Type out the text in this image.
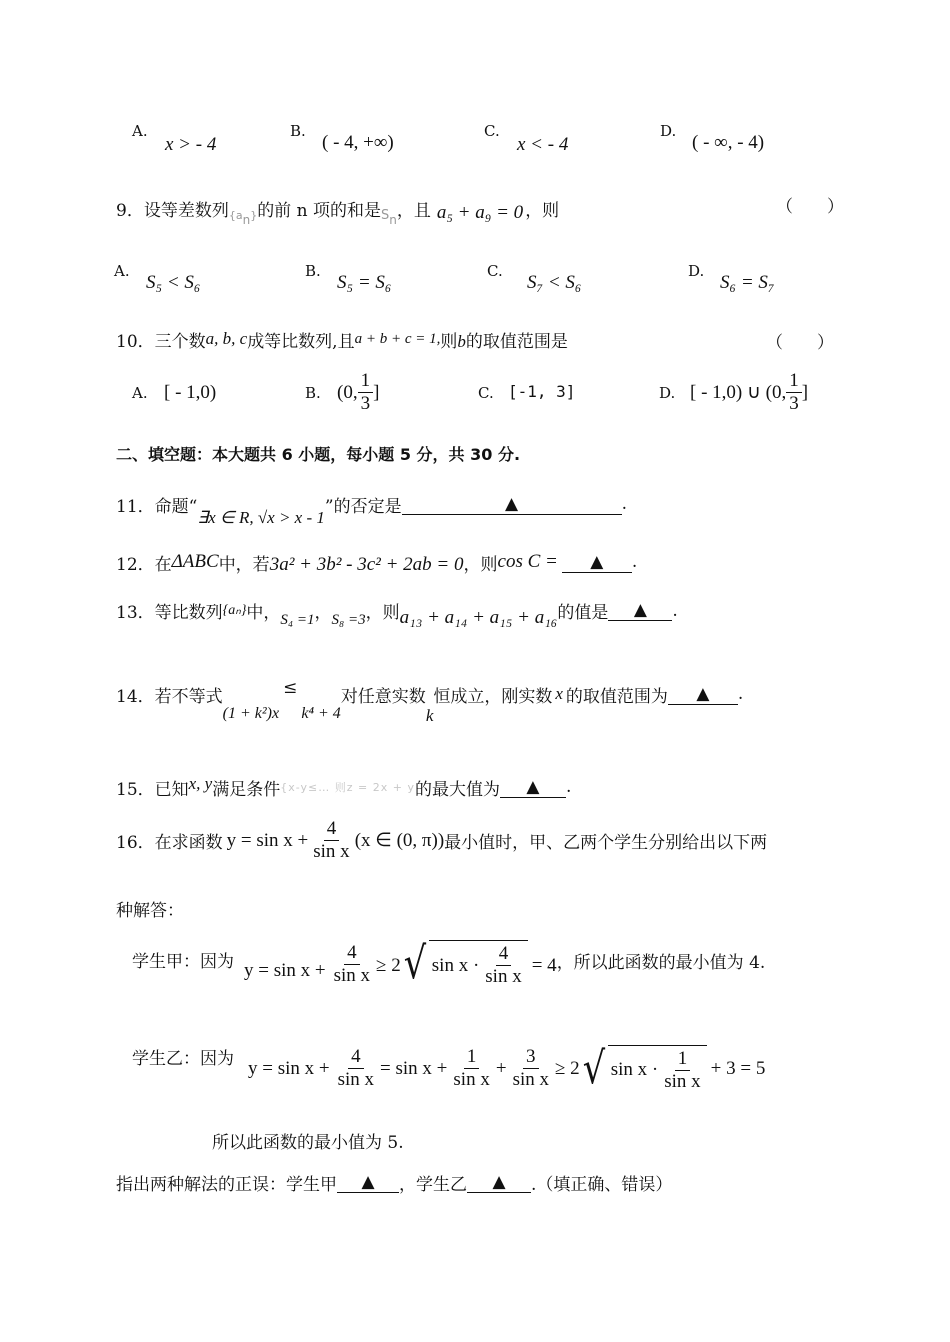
A.
x > - 4
B.
( - 4, +∞)
C.
x < - 4
D.
( - ∞, - 4)
9． 设等差数列 {an} 的前 n 项的和是 Sn ，且 a₅ + a₉ = 0 ，则	（　　）
A.
S₅ < S₆
B.
S₅ = S₆
C.
S₇ < S₆
D.
S₆ = S₇
10． 三个数 a, b, c 成等比数列,且 a + b + c = 1, 则 b 的取值范围是	（　　）
A. [ - 1,0)	B. (0, $\frac{1}{3}$ ]	C. [-1, 3]	D. [ - 1,0) ∪ (0, $\frac{1}{3}$ ]
二、填空题：本大题共 6 小题，每小题 5 分，共 30 分.
11． 命题“
∃x ∈ R, √x > x - 1
”的否定是	▲	.
12． 在 ΔABC 中，若 3a² + 3b² - 3c² + 2ab = 0 ，则 cos C =	▲	.
13． 等比数列 {aₙ} 中， S₄ =1 ， S₈ =3 ，则 a₁₃ + a₁₄ + a₁₅ + a₁₆ 的值是	▲	.
14． 若不等式
(1 + k²)x
≤
k⁴ + 4
对任意实数
k
恒成立，刚实数 x 的取值范围为	▲	.
15． 已知 x, y 满足条件 {x-y≤… 则z = 2x + y 的最大值为	▲	.
16． 在求函数 $y = \sin x + \frac{4}{\text{sin x}} (x$ ∈ (0, π)) 最小值时，甲、乙两个学生分别给出以下两
种解答：
学生甲：因为 $y = \sin x + \frac{4}{\text{sin x}} \ge 2$ √ $\sin x \cdot \frac{4}{\text{sin x}} = 4$ ，所以此函数的最小值为 4.
学生乙：因为 $y = \sin x + \frac{4}{\text{sin x}} = \sin x + \frac{1}{\text{sin x}} + \frac{3}{\text{sin x}} \ge 2$ √ $\sin x \cdot \frac{1}{\text{sin x}} + 3 = 5$
所以此函数的最小值为 5.
指出两种解法的正误：学生甲	▲	，学生乙	▲	.（填正确、错误）
